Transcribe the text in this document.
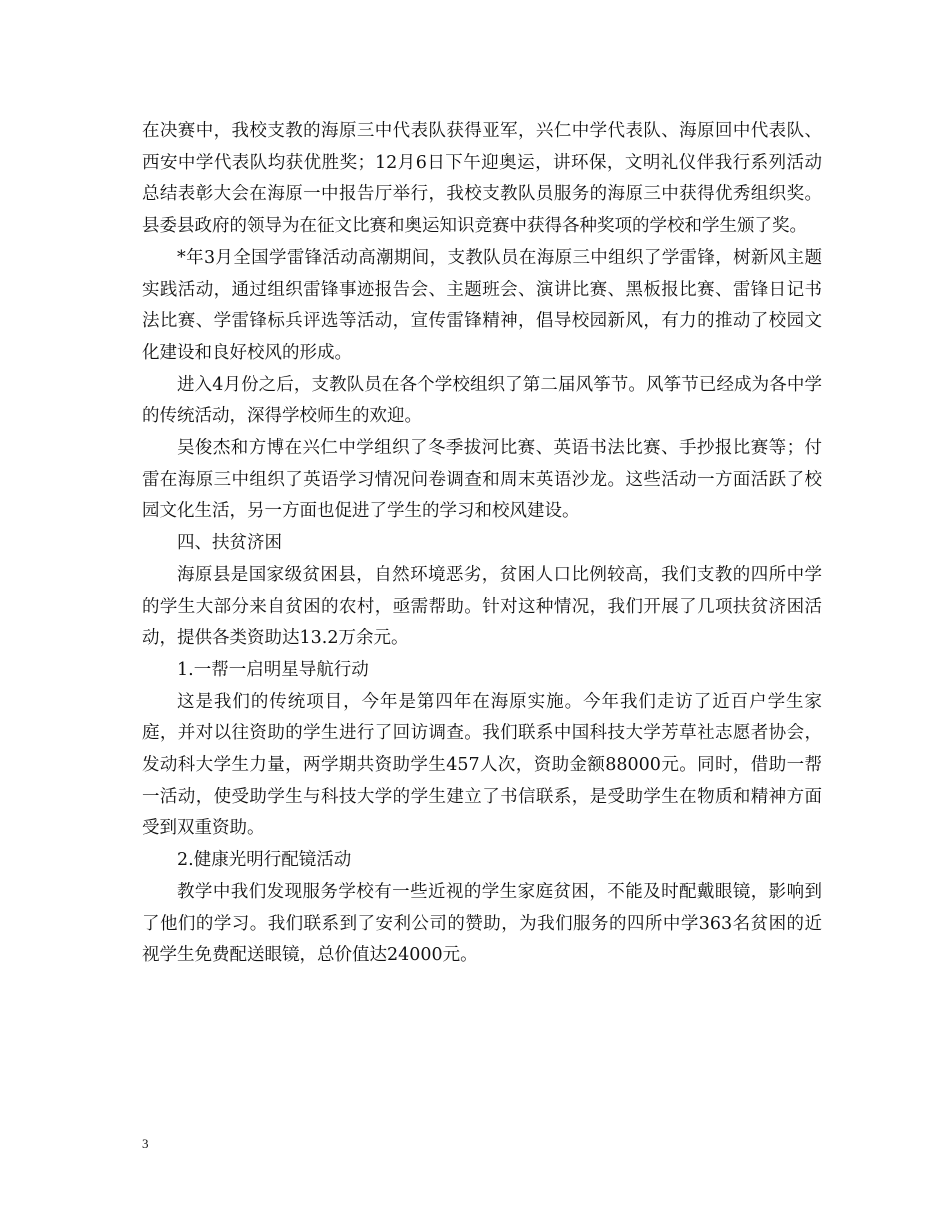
在决赛中，我校支教的海原三中代表队获得亚军，兴仁中学代表队、海原回中代表队、西安中学代表队均获优胜奖；12月6日下午迎奥运，讲环保，文明礼仪伴我行系列活动总结表彰大会在海原一中报告厅举行，我校支教队员服务的海原三中获得优秀组织奖。县委县政府的领导为在征文比赛和奥运知识竞赛中获得各种奖项的学校和学生颁了奖。

*年3月全国学雷锋活动高潮期间，支教队员在海原三中组织了学雷锋，树新风主题实践活动，通过组织雷锋事迹报告会、主题班会、演讲比赛、黑板报比赛、雷锋日记书法比赛、学雷锋标兵评选等活动，宣传雷锋精神，倡导校园新风，有力的推动了校园文化建设和良好校风的形成。

进入4月份之后，支教队员在各个学校组织了第二届风筝节。风筝节已经成为各中学的传统活动，深得学校师生的欢迎。

吴俊杰和方博在兴仁中学组织了冬季拔河比赛、英语书法比赛、手抄报比赛等；付雷在海原三中组织了英语学习情况问卷调查和周末英语沙龙。这些活动一方面活跃了校园文化生活，另一方面也促进了学生的学习和校风建设。

四、扶贫济困

海原县是国家级贫困县，自然环境恶劣，贫困人口比例较高，我们支教的四所中学的学生大部分来自贫困的农村，亟需帮助。针对这种情况，我们开展了几项扶贫济困活动，提供各类资助达13.2万余元。

1.一帮一启明星导航行动

这是我们的传统项目，今年是第四年在海原实施。今年我们走访了近百户学生家庭，并对以往资助的学生进行了回访调查。我们联系中国科技大学芳草社志愿者协会，发动科大学生力量，两学期共资助学生457人次，资助金额88000元。同时，借助一帮一活动，使受助学生与科技大学的学生建立了书信联系，是受助学生在物质和精神方面受到双重资助。

2.健康光明行配镜活动

教学中我们发现服务学校有一些近视的学生家庭贫困，不能及时配戴眼镜，影响到了他们的学习。我们联系到了安利公司的赞助，为我们服务的四所中学363名贫困的近视学生免费配送眼镜，总价值达24000元。

3
